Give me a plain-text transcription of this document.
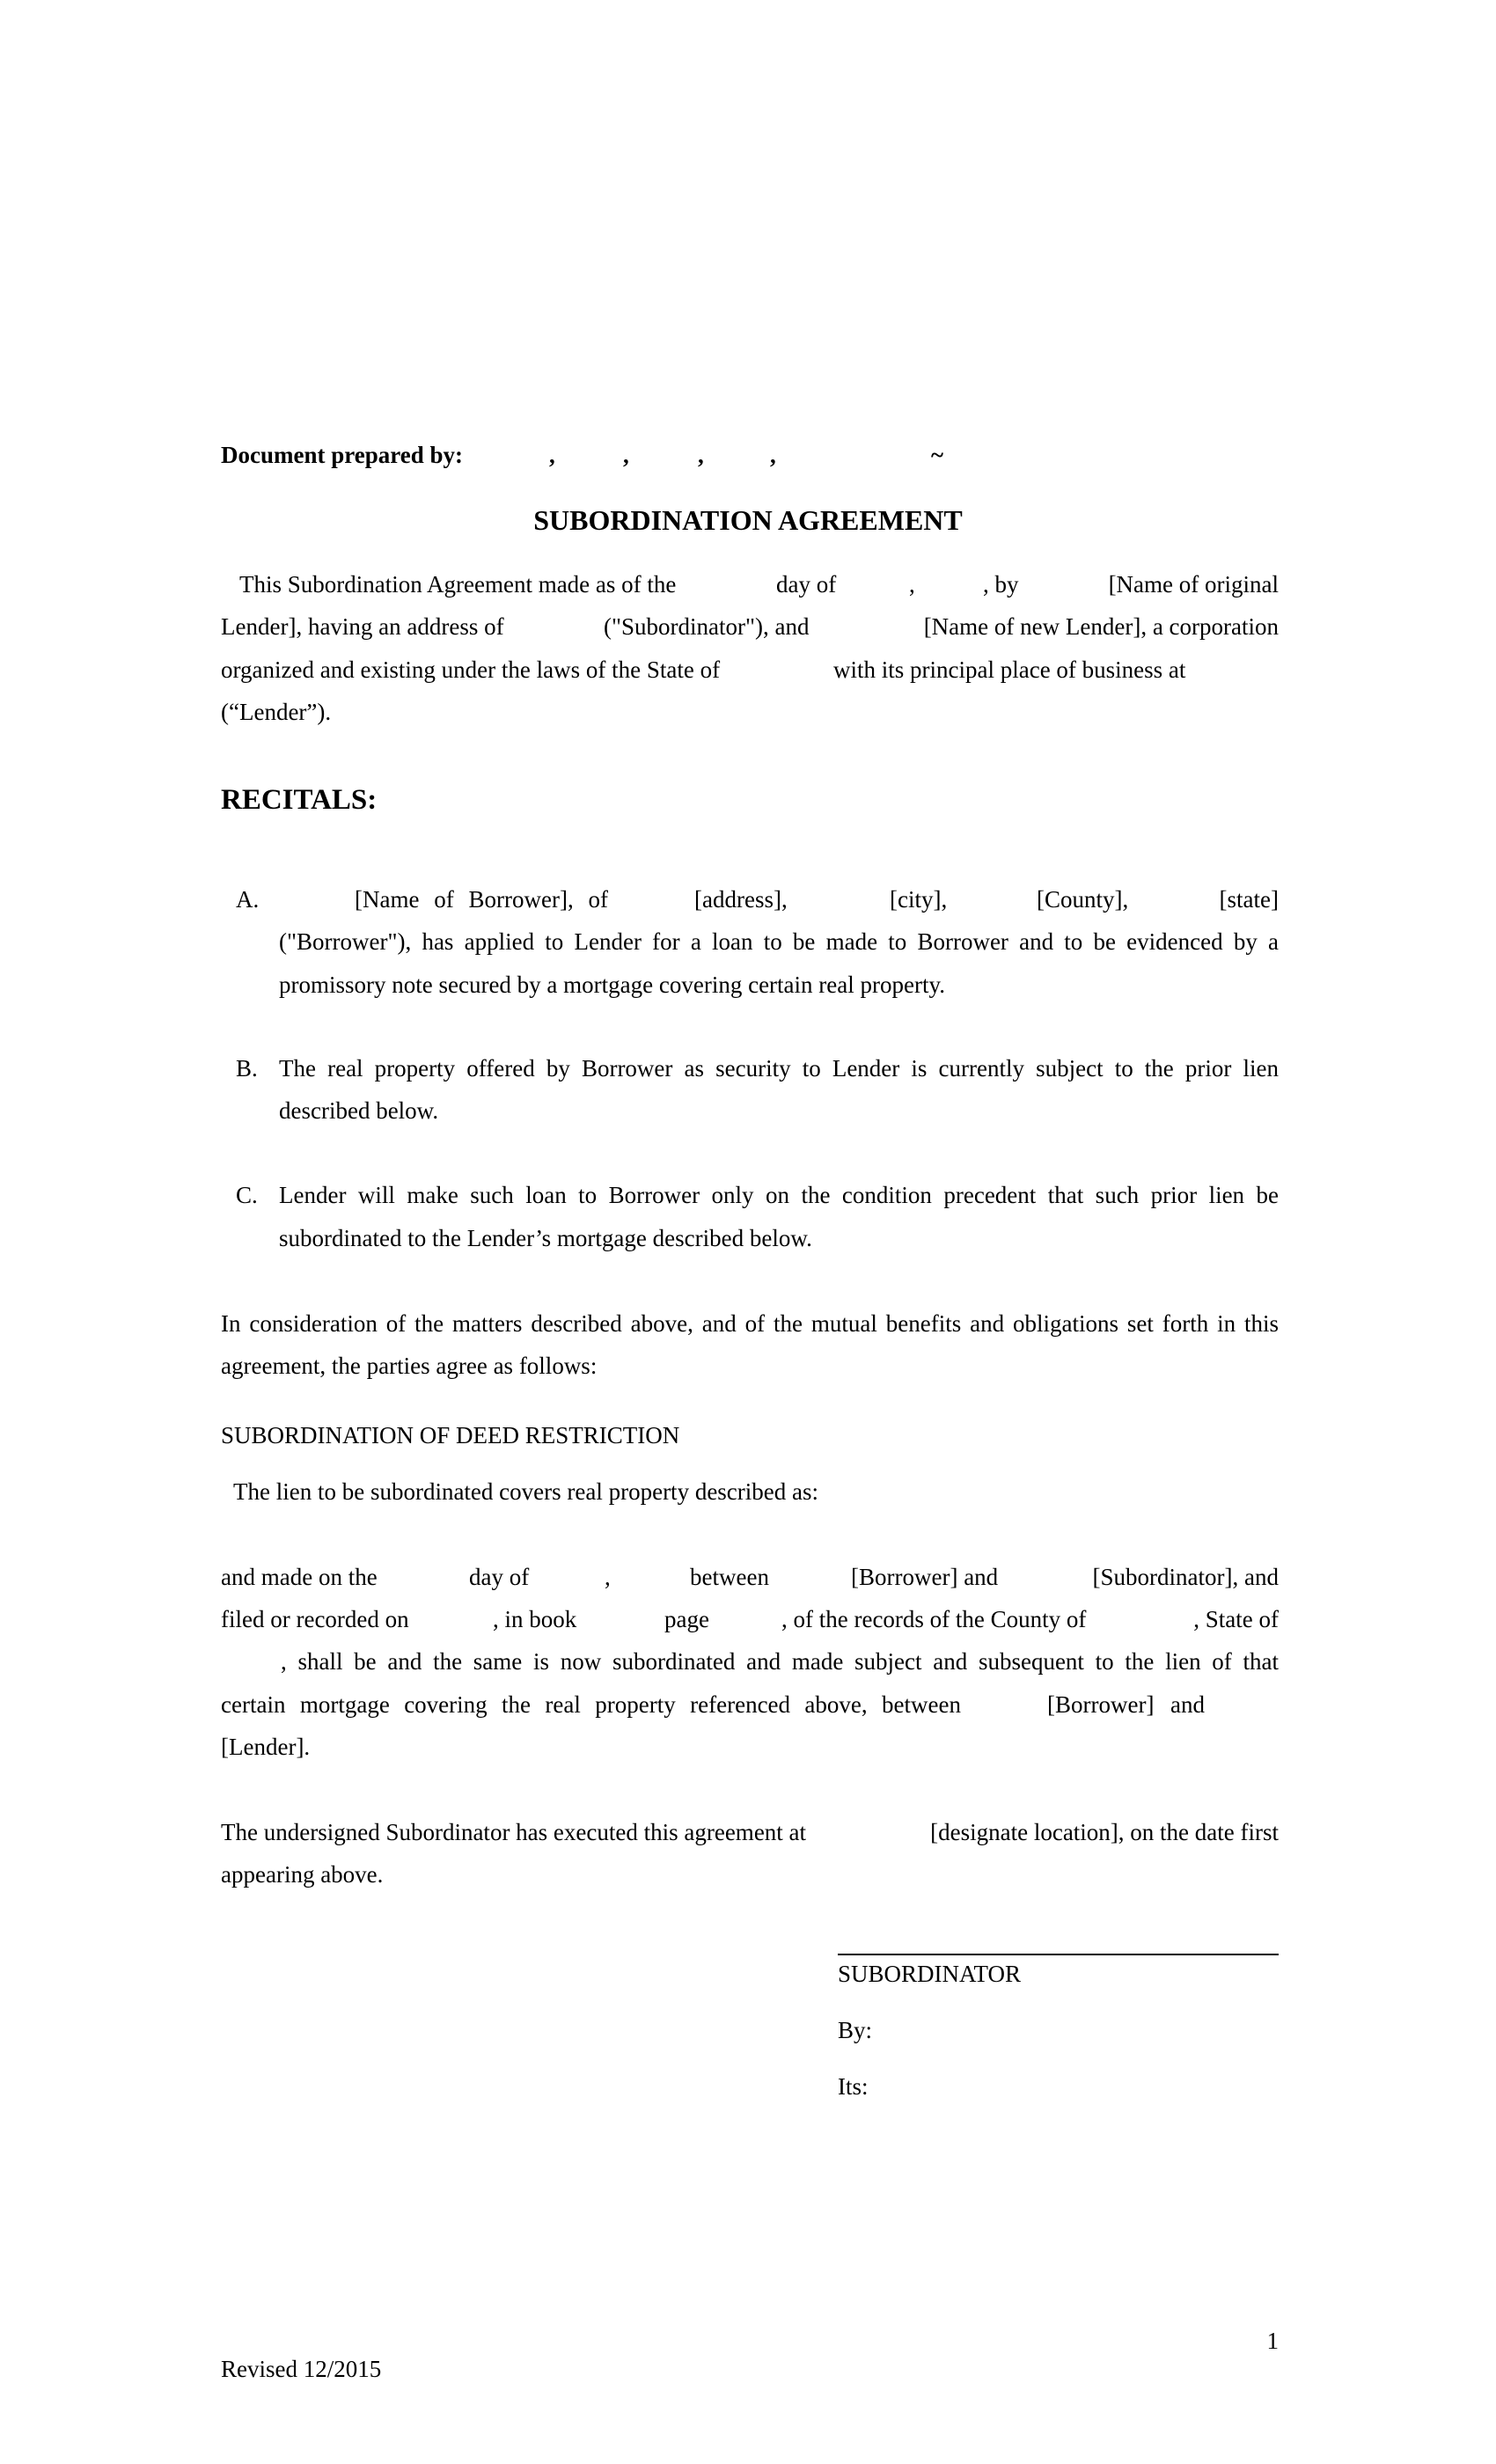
Document prepared by:	,	,	,	,	~
SUBORDINATION AGREEMENT
This Subordination Agreement made as of the	day of	,	, by	[Name of original
Lender], having an address of	("Subordinator"), and	[Name of new Lender], a corporation
organized and existing under the laws of the State of	with its principal place of business at
(“Lender”).
RECITALS:
A.	[Name of Borrower], of	[address],	[city],	[County],	[state]
("Borrower"), has applied to Lender for a loan to be made to Borrower and to be evidenced by a
promissory note secured by a mortgage covering certain real property.
B. The real property offered by Borrower as security to Lender is currently subject to the prior lien
described below.
C. Lender will make such loan to Borrower only on the condition precedent that such prior lien be
subordinated to the Lender’s mortgage described below.
In consideration of the matters described above, and of the mutual benefits and obligations set forth in this
agreement, the parties agree as follows:
SUBORDINATION OF DEED RESTRICTION
The lien to be subordinated covers real property described as:
and made on the	day of	,	between	[Borrower] and	[Subordinator], and
filed or recorded on	, in book	page	, of the records of the County of	, State of
, shall be and the same is now subordinated and made subject and subsequent to the lien of that
certain mortgage covering the real property referenced above, between	[Borrower]  and
[Lender].
The undersigned Subordinator has executed this agreement at	[designate location], on the date first
appearing above.
SUBORDINATOR
By:
Its:
1
Revised 12/2015
